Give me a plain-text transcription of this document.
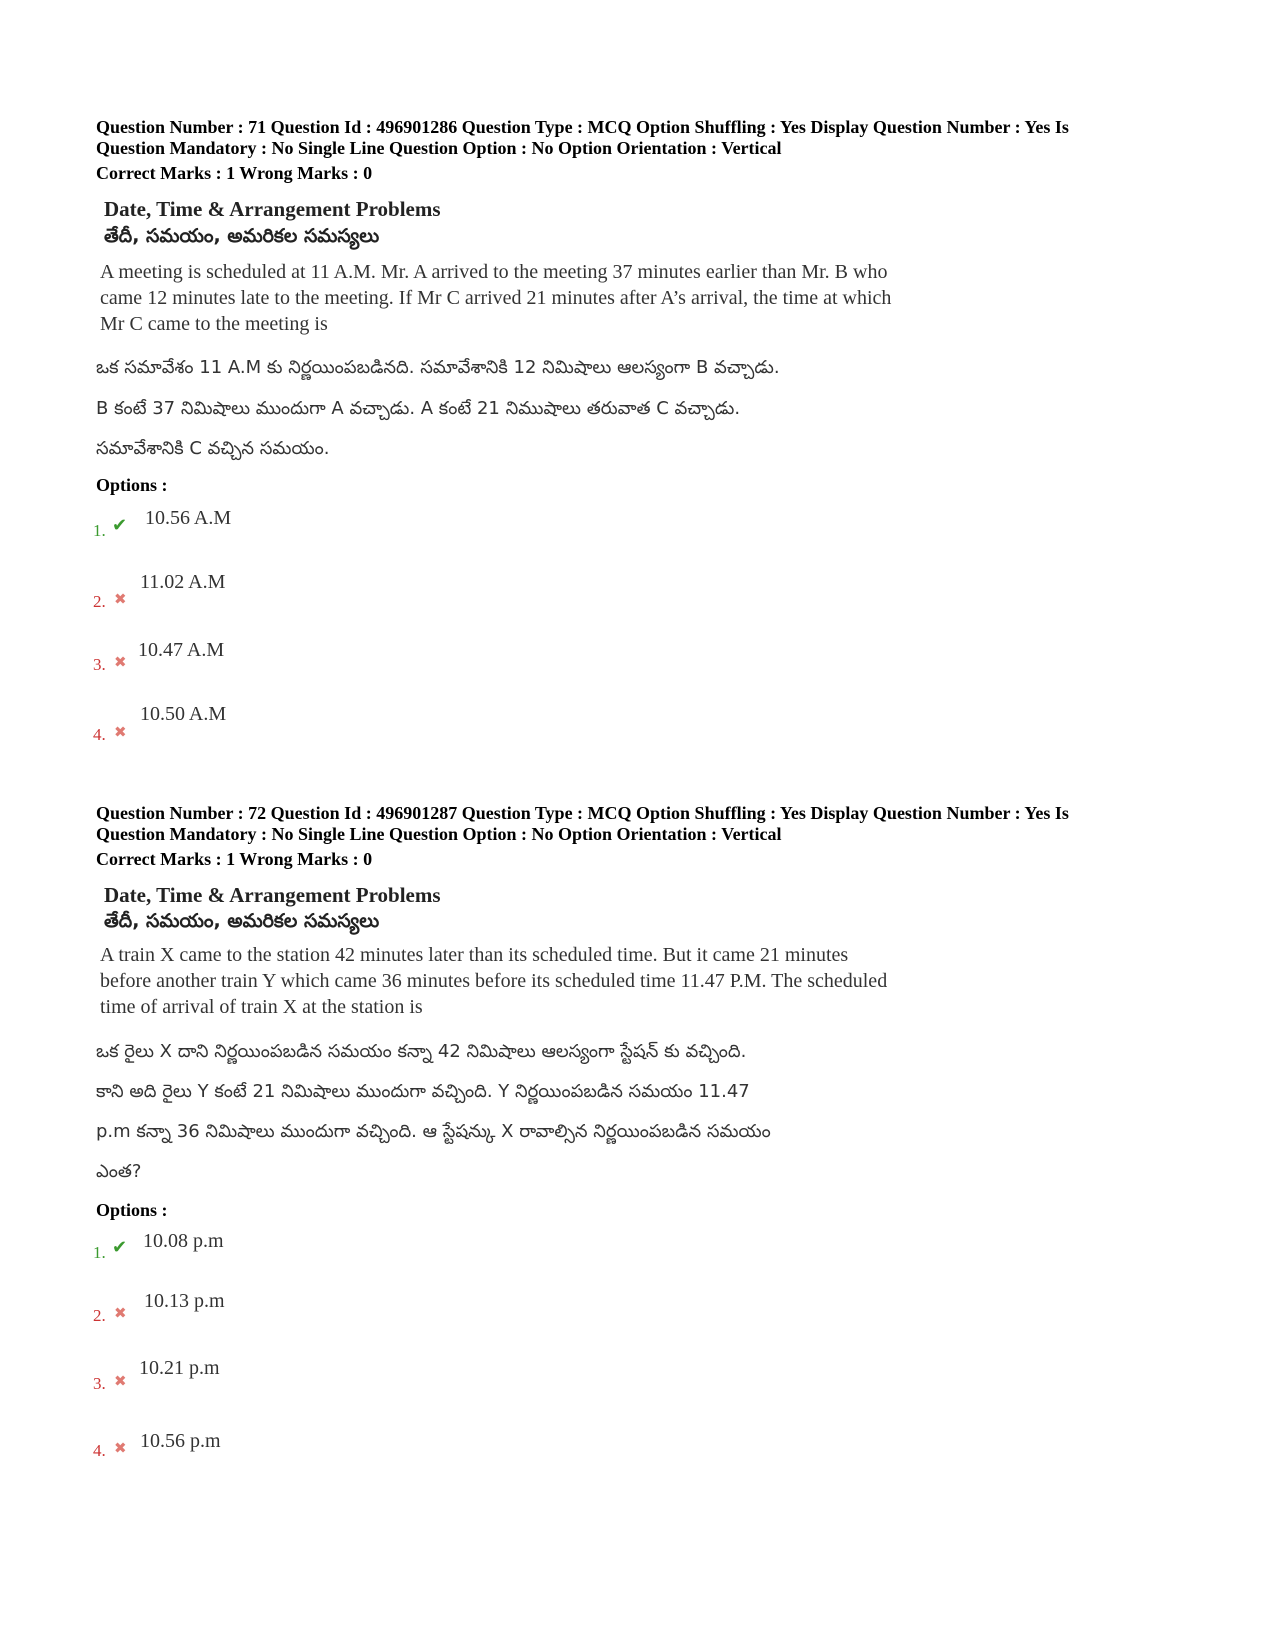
Question Number : 71 Question Id : 496901286 Question Type : MCQ Option Shuffling : Yes Display Question Number : Yes Is
Question Mandatory : No Single Line Question Option : No Option Orientation : Vertical
Correct Marks : 1 Wrong Marks : 0
Date, Time & Arrangement Problems
తేదీ, సమయం, అమరికల సమస్యలు
A meeting is scheduled at 11 A.M. Mr. A arrived to the meeting 37 minutes earlier than Mr. B who came 12 minutes late to the meeting. If Mr C arrived 21 minutes after A’s arrival, the time at which Mr C came to the meeting is
ఒక సమావేశం 11 A.M కు నిర్ణయింపబడినది. సమావేశానికి 12 నిమిషాలు ఆలస్యంగా B వచ్చాడు.
B కంటే 37 నిమిషాలు ముందుగా A వచ్చాడు. A కంటే 21 నిముషాలు తరువాత C వచ్చాడు.
సమావేశానికి C వచ్చిన సమయం.
Options :
1. ✔ 10.56 A.M
2. ✖
11.02 A.M
3. ✖
10.47 A.M
4. ✖
10.50 A.M
Question Number : 72 Question Id : 496901287 Question Type : MCQ Option Shuffling : Yes Display Question Number : Yes Is
Question Mandatory : No Single Line Question Option : No Option Orientation : Vertical
Correct Marks : 1 Wrong Marks : 0
Date, Time & Arrangement Problems
తేదీ, సమయం, అమరికల సమస్యలు
A train X came to the station 42 minutes later than its scheduled time. But it came 21 minutes before another train Y which came 36 minutes before its scheduled time 11.47 P.M. The scheduled time of arrival of train X at the station is
ఒక రైలు X దాని నిర్ణయింపబడిన సమయం కన్నా 42 నిమిషాలు ఆలస్యంగా స్టేషన్ కు వచ్చింది.
కాని అది రైలు Y కంటే 21 నిమిషాలు ముందుగా వచ్చింది. Y నిర్ణయింపబడిన సమయం 11.47
p.m కన్నా 36 నిమిషాలు ముందుగా వచ్చింది. ఆ స్టేషన్కు X రావాల్సిన నిర్ణయింపబడిన సమయం
ఎంత?
Options :
1. ✔ 10.08 p.m
2. ✖
10.13 p.m
3. ✖
10.21 p.m
4. ✖ 10.56 p.m
